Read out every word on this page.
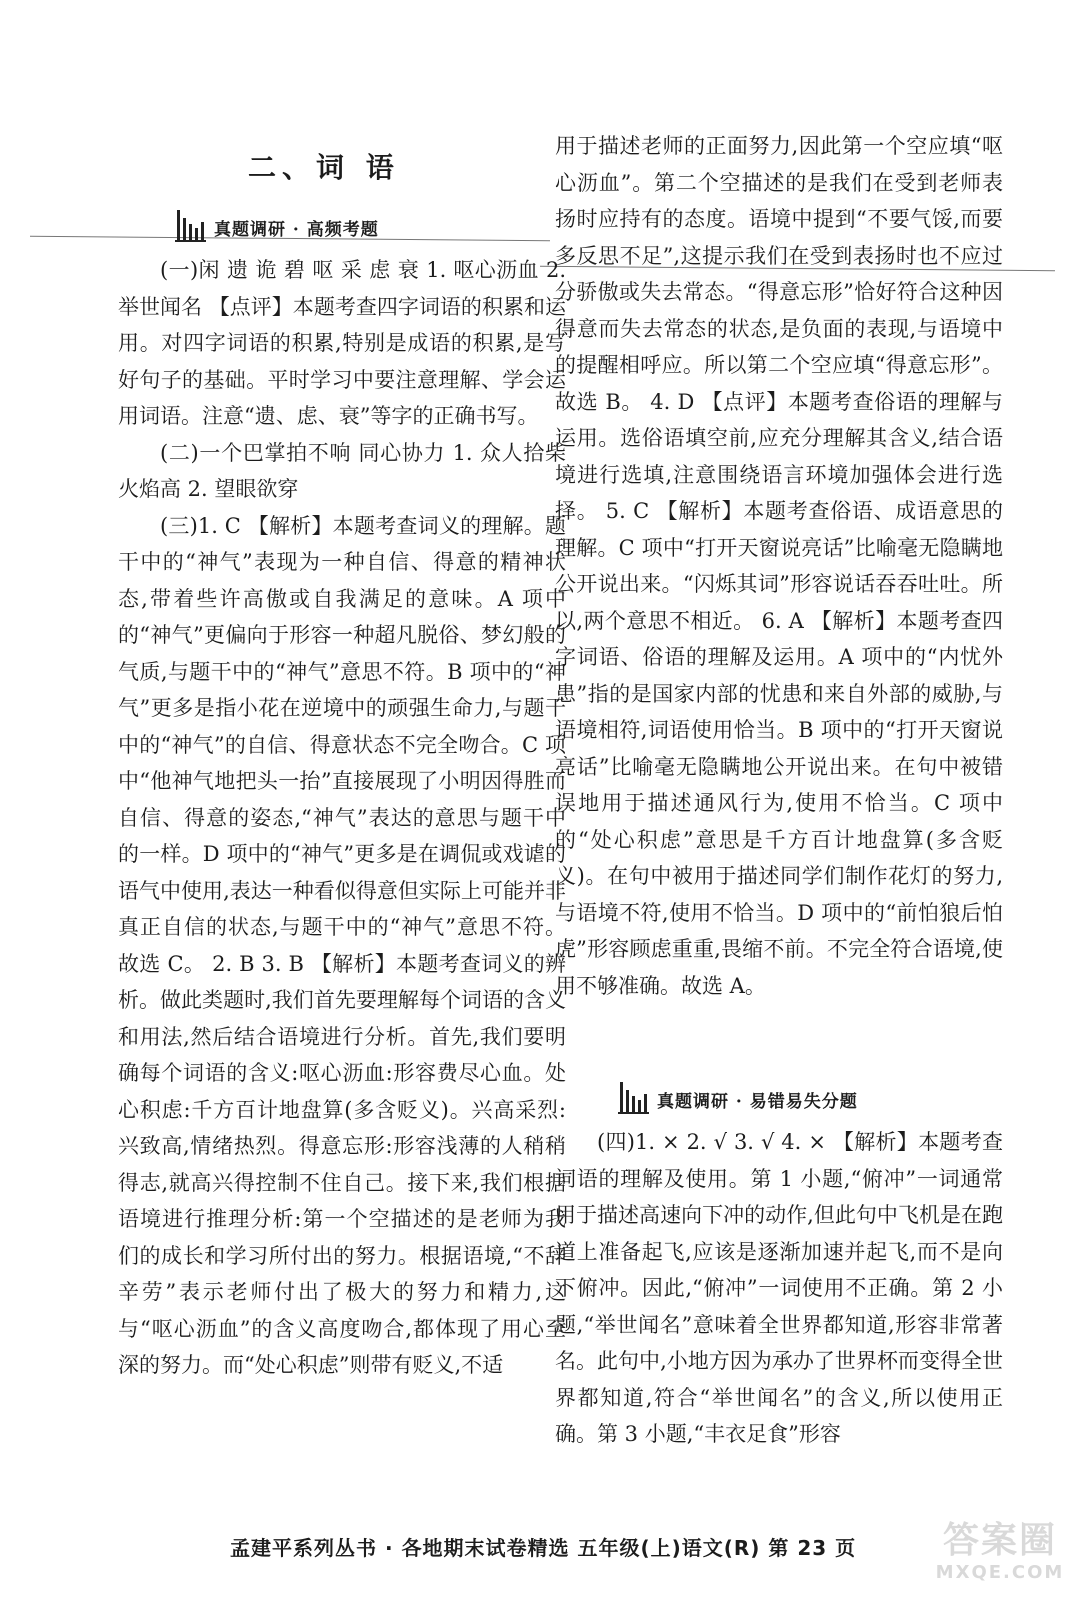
二、词 语
真题调研 · 高频考题

(一)闲 遗 诡 碧 呕 采 虑 衰 1. 呕心沥血 2. 举世闻名 【点评】本题考查四字词语的积累和运用。对四字词语的积累,特别是成语的积累,是写好句子的基础。平时学习中要注意理解、学会运用词语。注意“遗、虑、衰”等字的正确书写。

(二)一个巴掌拍不响 同心协力 1. 众人拾柴火焰高 2. 望眼欲穿

(三)1. C 【解析】本题考查词义的理解。题干中的“神气”表现为一种自信、得意的精神状态,带着些许高傲或自我满足的意味。A 项中的“神气”更偏向于形容一种超凡脱俗、梦幻般的气质,与题干中的“神气”意思不符。B 项中的“神气”更多是指小花在逆境中的顽强生命力,与题干中的“神气”的自信、得意状态不完全吻合。C 项中“他神气地把头一抬”直接展现了小明因得胜而自信、得意的姿态,“神气”表达的意思与题干中的一样。D 项中的“神气”更多是在调侃或戏谑的语气中使用,表达一种看似得意但实际上可能并非真正自信的状态,与题干中的“神气”意思不符。故选 C。 2. B 3. B 【解析】本题考查词义的辨析。做此类题时,我们首先要理解每个词语的含义和用法,然后结合语境进行分析。首先,我们要明确每个词语的含义:呕心沥血:形容费尽心血。处心积虑:千方百计地盘算(多含贬义)。兴高采烈:兴致高,情绪热烈。得意忘形:形容浅薄的人稍稍得志,就高兴得控制不住自己。接下来,我们根据语境进行推理分析:第一个空描述的是老师为我们的成长和学习所付出的努力。根据语境,“不辞辛劳”表示老师付出了极大的努力和精力,这与“呕心沥血”的含义高度吻合,都体现了用心至深的努力。而“处心积虑”则带有贬义,不适

用于描述老师的正面努力,因此第一个空应填“呕心沥血”。第二个空描述的是我们在受到老师表扬时应持有的态度。语境中提到“不要气馁,而要多反思不足”,这提示我们在受到表扬时也不应过分骄傲或失去常态。“得意忘形”恰好符合这种因得意而失去常态的状态,是负面的表现,与语境中的提醒相呼应。所以第二个空应填“得意忘形”。故选 B。 4. D 【点评】本题考查俗语的理解与运用。选俗语填空前,应充分理解其含义,结合语境进行选填,注意围绕语言环境加强体会进行选择。 5. C 【解析】本题考查俗语、成语意思的理解。C 项中“打开天窗说亮话”比喻毫无隐瞒地公开说出来。“闪烁其词”形容说话吞吞吐吐。所以,两个意思不相近。 6. A 【解析】本题考查四字词语、俗语的理解及运用。A 项中的“内忧外患”指的是国家内部的忧患和来自外部的威胁,与语境相符,词语使用恰当。B 项中的“打开天窗说亮话”比喻毫无隐瞒地公开说出来。在句中被错误地用于描述通风行为,使用不恰当。C 项中的“处心积虑”意思是千方百计地盘算(多含贬义)。在句中被用于描述同学们制作花灯的努力,与语境不符,使用不恰当。D 项中的“前怕狼后怕虎”形容顾虑重重,畏缩不前。不完全符合语境,使用不够准确。故选 A。

真题调研 · 易错易失分题

(四)1. × 2. √ 3. √ 4. × 【解析】本题考查词语的理解及使用。第 1 小题,“俯冲”一词通常用于描述高速向下冲的动作,但此句中飞机是在跑道上准备起飞,应该是逐渐加速并起飞,而不是向下俯冲。因此,“俯冲”一词使用不正确。第 2 小题,“举世闻名”意味着全世界都知道,形容非常著名。此句中,小地方因为承办了世界杯而变得全世界都知道,符合“举世闻名”的含义,所以使用正确。第 3 小题,“丰衣足食”形容

孟建平系列丛书 · 各地期末试卷精选 五年级(上)语文(R) 第 23 页	答案圈
MXQE.COM
